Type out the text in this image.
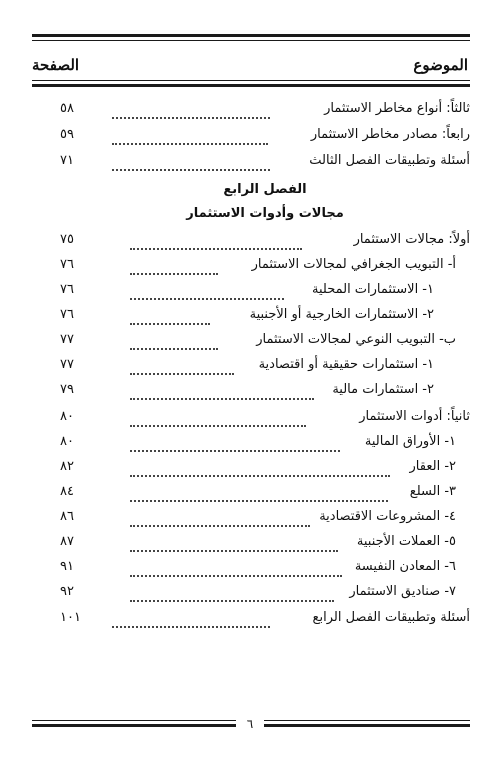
الموضوع
الصفحة
ثالثاً: أنواع مخاطر الاستثمار
٥٨
رابعاً: مصادر مخاطر الاستثمار
٥٩
أسئلة وتطبيقات الفصل الثالث
٧١
الفصل الرابع
مجالات وأدوات الاستثمار
أولاً: مجالات الاستثمار
٧٥
أ- التبويب الجغرافي لمجالات الاستثمار
٧٦
١- الاستثمارات المحلية
٧٦
٢- الاستثمارات الخارجية أو الأجنبية
٧٦
ب- التبويب النوعي لمجالات الاستثمار
٧٧
١- استثمارات حقيقية أو اقتصادية
٧٧
٢- استثمارات مالية
٧٩
ثانياً: أدوات الاستثمار
٨٠
١- الأوراق المالية
٨٠
٢- العقار
٨٢
٣- السلع
٨٤
٤- المشروعات الاقتصادية
٨٦
٥- العملات الأجنبية
٨٧
٦- المعادن النفيسة
٩١
٧- صناديق الاستثمار
٩٢
أسئلة وتطبيقات الفصل الرابع
١٠١
٦
